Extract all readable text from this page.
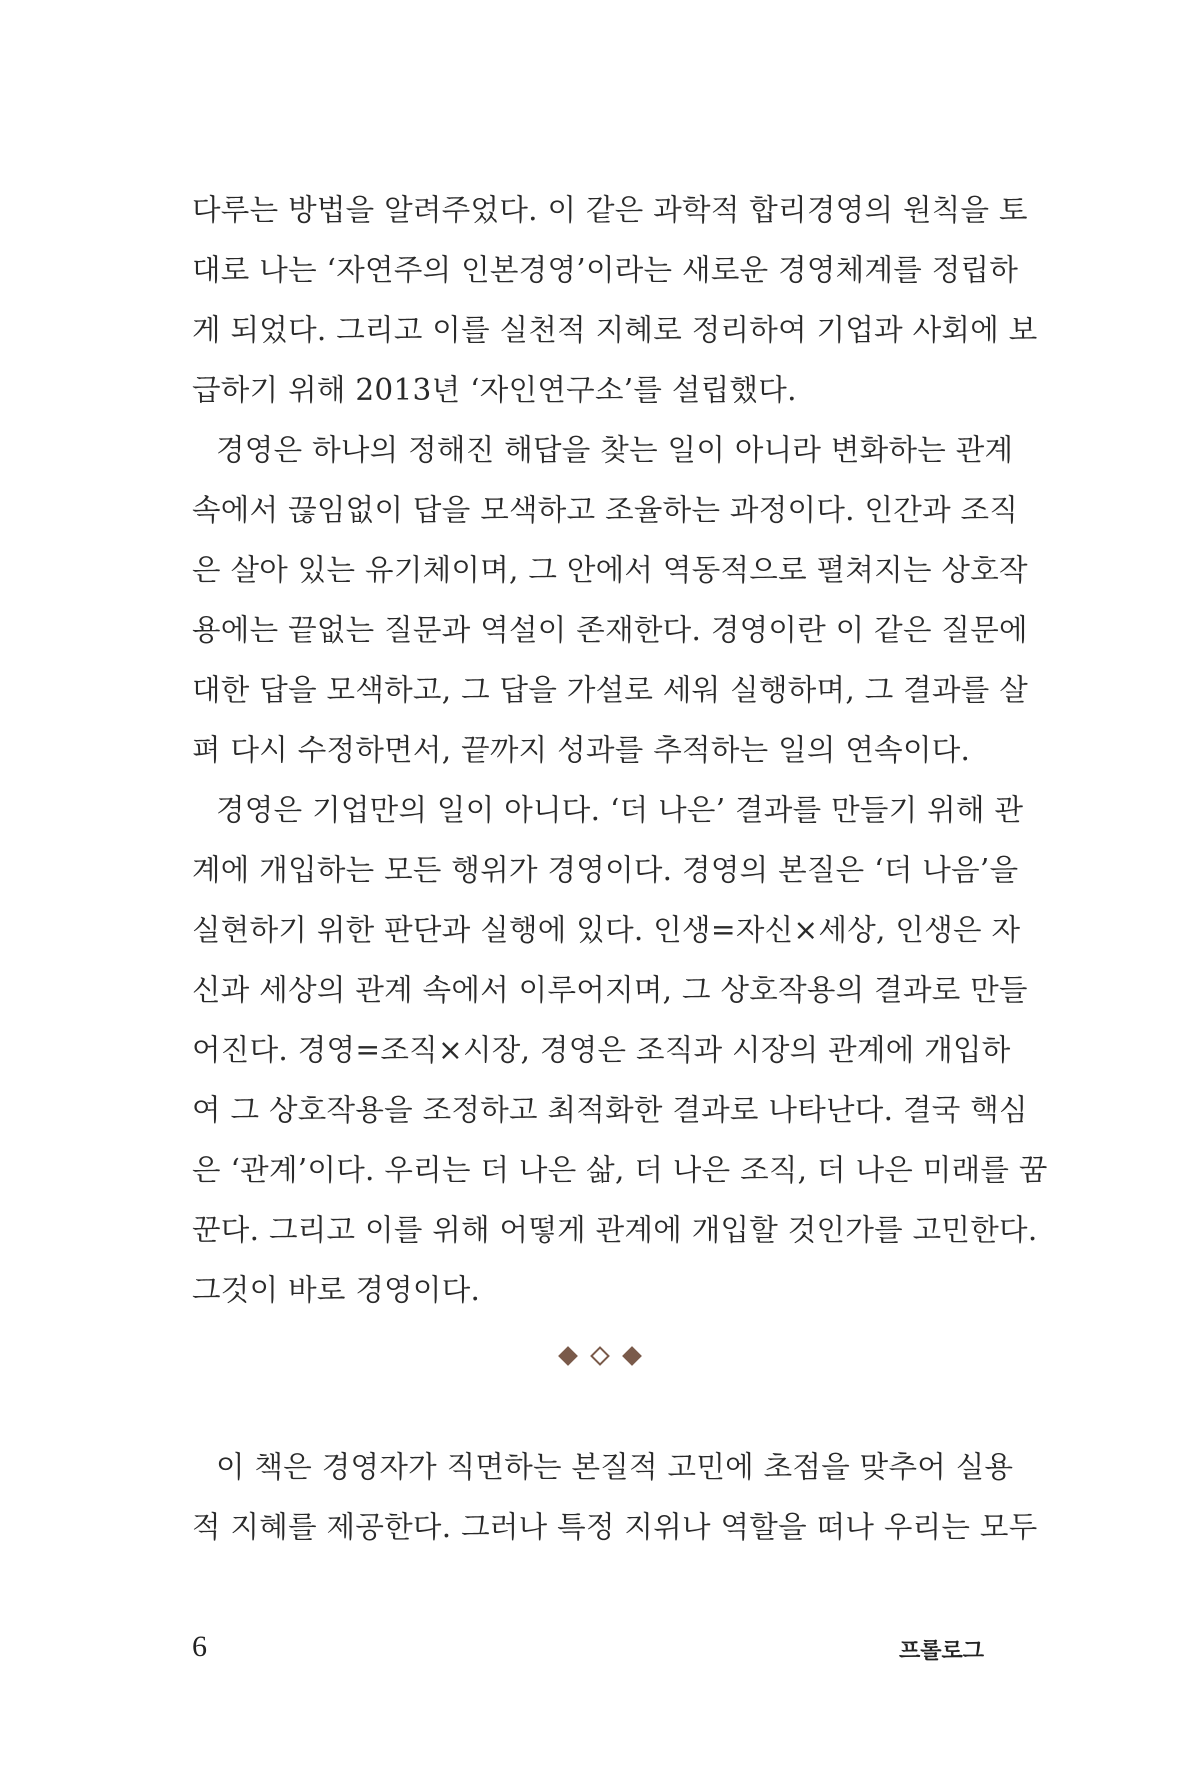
다루는 방법을 알려주었다. 이 같은 과학적 합리경영의 원칙을 토
대로 나는 ‘자연주의 인본경영’이라는 새로운 경영체계를 정립하
게 되었다. 그리고 이를 실천적 지혜로 정리하여 기업과 사회에 보
급하기 위해 2013년 ‘자인연구소’를 설립했다.
경영은 하나의 정해진 해답을 찾는 일이 아니라 변화하는 관계
속에서 끊임없이 답을 모색하고 조율하는 과정이다. 인간과 조직
은 살아 있는 유기체이며, 그 안에서 역동적으로 펼쳐지는 상호작
용에는 끝없는 질문과 역설이 존재한다. 경영이란 이 같은 질문에
대한 답을 모색하고, 그 답을 가설로 세워 실행하며, 그 결과를 살
펴 다시 수정하면서, 끝까지 성과를 추적하는 일의 연속이다.
경영은 기업만의 일이 아니다. ‘더 나은’ 결과를 만들기 위해 관
계에 개입하는 모든 행위가 경영이다. 경영의 본질은 ‘더 나음’을
실현하기 위한 판단과 실행에 있다. 인생=자신×세상, 인생은 자
신과 세상의 관계 속에서 이루어지며, 그 상호작용의 결과로 만들
어진다. 경영=조직×시장, 경영은 조직과 시장의 관계에 개입하
여 그 상호작용을 조정하고 최적화한 결과로 나타난다. 결국 핵심
은 ‘관계’이다. 우리는 더 나은 삶, 더 나은 조직, 더 나은 미래를 꿈
꾼다. 그리고 이를 위해 어떻게 관계에 개입할 것인가를 고민한다.
그것이 바로 경영이다.
이 책은 경영자가 직면하는 본질적 고민에 초점을 맞추어 실용
적 지혜를 제공한다. 그러나 특정 지위나 역할을 떠나 우리는 모두
6	프롤로그
